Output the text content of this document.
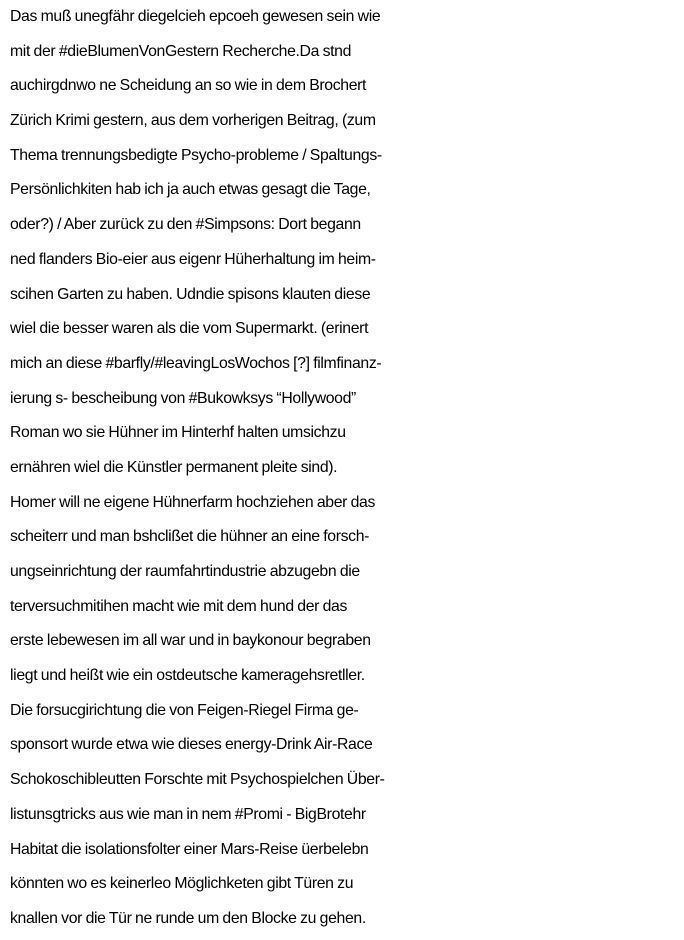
Das muß unegfähr diegelcieh epcoeh gewesen sein wie
mit der #dieBlumenVonGestern Recherche.Da stnd
auchirgdnwo ne Scheidung an so wie in dem Brochert
Zürich Krimi gestern, aus dem vorherigen Beitrag, (zum
Thema trennungsbedigte Psycho-probleme / Spaltungs-
Persönlichkiten hab ich ja auch etwas gesagt die Tage,
oder?) / Aber zurück zu den #Simpsons: Dort begann
ned flanders Bio-eier aus eigenr Hüherhaltung im heim-
scihen Garten zu haben. Udndie spisons klauten diese
wiel die besser waren als die vom Supermarkt. (erinert
mich an diese #barfly/#leavingLosWochos [?] filmfinanz-
ierung s- bescheibung von #Bukowksys “Hollywood”
Roman wo sie Hühner im Hinterhf halten umsichzu
ernähren wiel die Künstler permanent pleite sind).
Homer will ne eigene Hühnerfarm hochziehen aber das
scheiterr und man bshclißet die hühner an eine forsch-
ungseinrichtung der raumfahrtindustrie abzugebn die
terversuchmitihen macht wie mit dem hund der das
erste lebewesen im all war und in baykonour begraben
liegt und heißt wie ein ostdeutsche kameragehsretller.
Die forsucgirichtung die von Feigen-Riegel Firma ge-
sponsort wurde etwa wie dieses energy-Drink Air-Race
Schokoschibleutten Forschte mit Psychospielchen Über-
listunsgtricks aus wie man in nem #Promi - BigBrotehr
Habitat die isolationsfolter einer Mars-Reise üerbelebn
könnten wo es keinerleo Möglichketen gibt Türen zu
knallen vor die Tür ne runde um den Blocke zu gehen.
